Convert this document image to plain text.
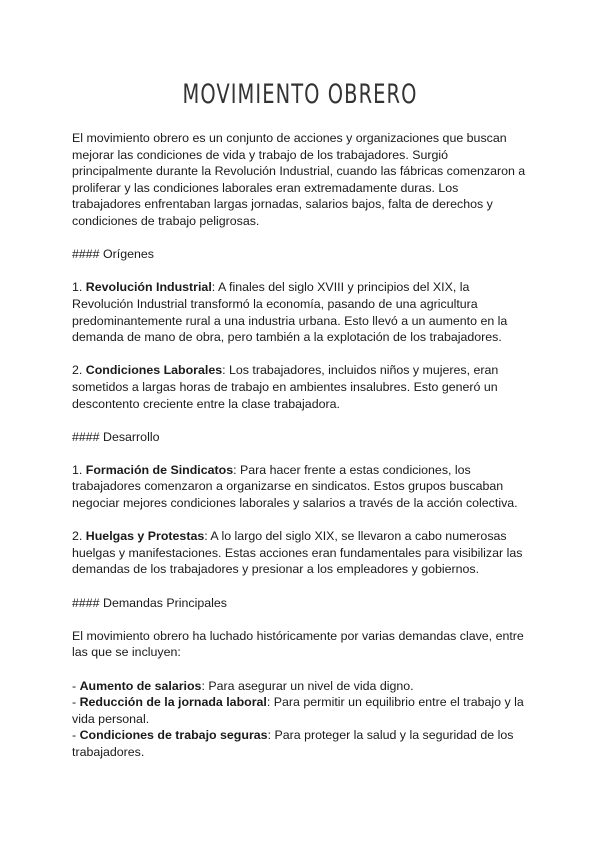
MOVIMIENTO OBRERO

El movimiento obrero es un conjunto de acciones y organizaciones que buscan mejorar las condiciones de vida y trabajo de los trabajadores. Surgió principalmente durante la Revolución Industrial, cuando las fábricas comenzaron a proliferar y las condiciones laborales eran extremadamente duras. Los trabajadores enfrentaban largas jornadas, salarios bajos, falta de derechos y condiciones de trabajo peligrosas.

#### Orígenes

1. Revolución Industrial: A finales del siglo XVIII y principios del XIX, la Revolución Industrial transformó la economía, pasando de una agricultura predominantemente rural a una industria urbana. Esto llevó a un aumento en la demanda de mano de obra, pero también a la explotación de los trabajadores.

2. Condiciones Laborales: Los trabajadores, incluidos niños y mujeres, eran sometidos a largas horas de trabajo en ambientes insalubres. Esto generó un descontento creciente entre la clase trabajadora.

#### Desarrollo

1. Formación de Sindicatos: Para hacer frente a estas condiciones, los trabajadores comenzaron a organizarse en sindicatos. Estos grupos buscaban negociar mejores condiciones laborales y salarios a través de la acción colectiva.

2. Huelgas y Protestas: A lo largo del siglo XIX, se llevaron a cabo numerosas huelgas y manifestaciones. Estas acciones eran fundamentales para visibilizar las demandas de los trabajadores y presionar a los empleadores y gobiernos.

#### Demandas Principales

El movimiento obrero ha luchado históricamente por varias demandas clave, entre las que se incluyen:

- Aumento de salarios: Para asegurar un nivel de vida digno.

- Reducción de la jornada laboral: Para permitir un equilibrio entre el trabajo y la vida personal.

- Condiciones de trabajo seguras: Para proteger la salud y la seguridad de los trabajadores.
